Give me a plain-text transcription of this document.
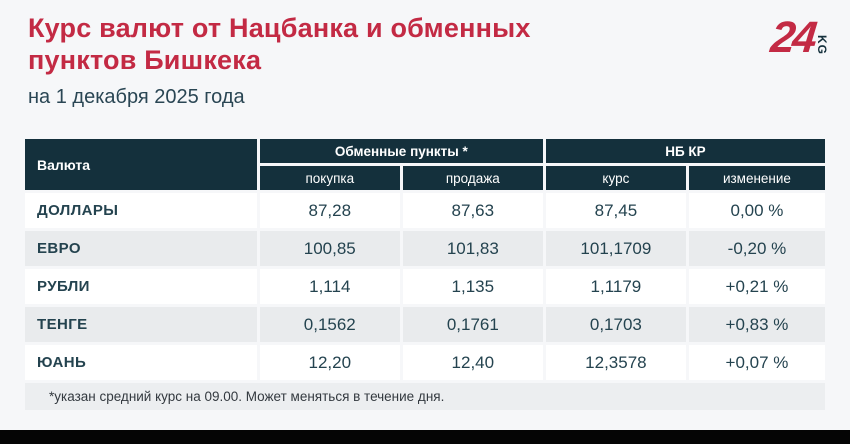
Курс валют от Нацбанка и обменных пунктов Бишкека
на 1 декабря 2025 года
24
KG
Валюта	Обменные пункты *		НБ КР	
	покупка	продажа	курс	изменение
ДОЛЛАРЫ	87,28	87,63	87,45	0,00 %
ЕВРО	100,85	101,83	101,1709	-0,20 %
РУБЛИ	1,114	1,135	1,1179	+0,21 %
ТЕНГЕ	0,1562	0,1761	0,1703	+0,83 %
ЮАНЬ	12,20	12,40	12,3578	+0,07 %
*указан средний курс на 09.00. Может меняться в течение дня.				
